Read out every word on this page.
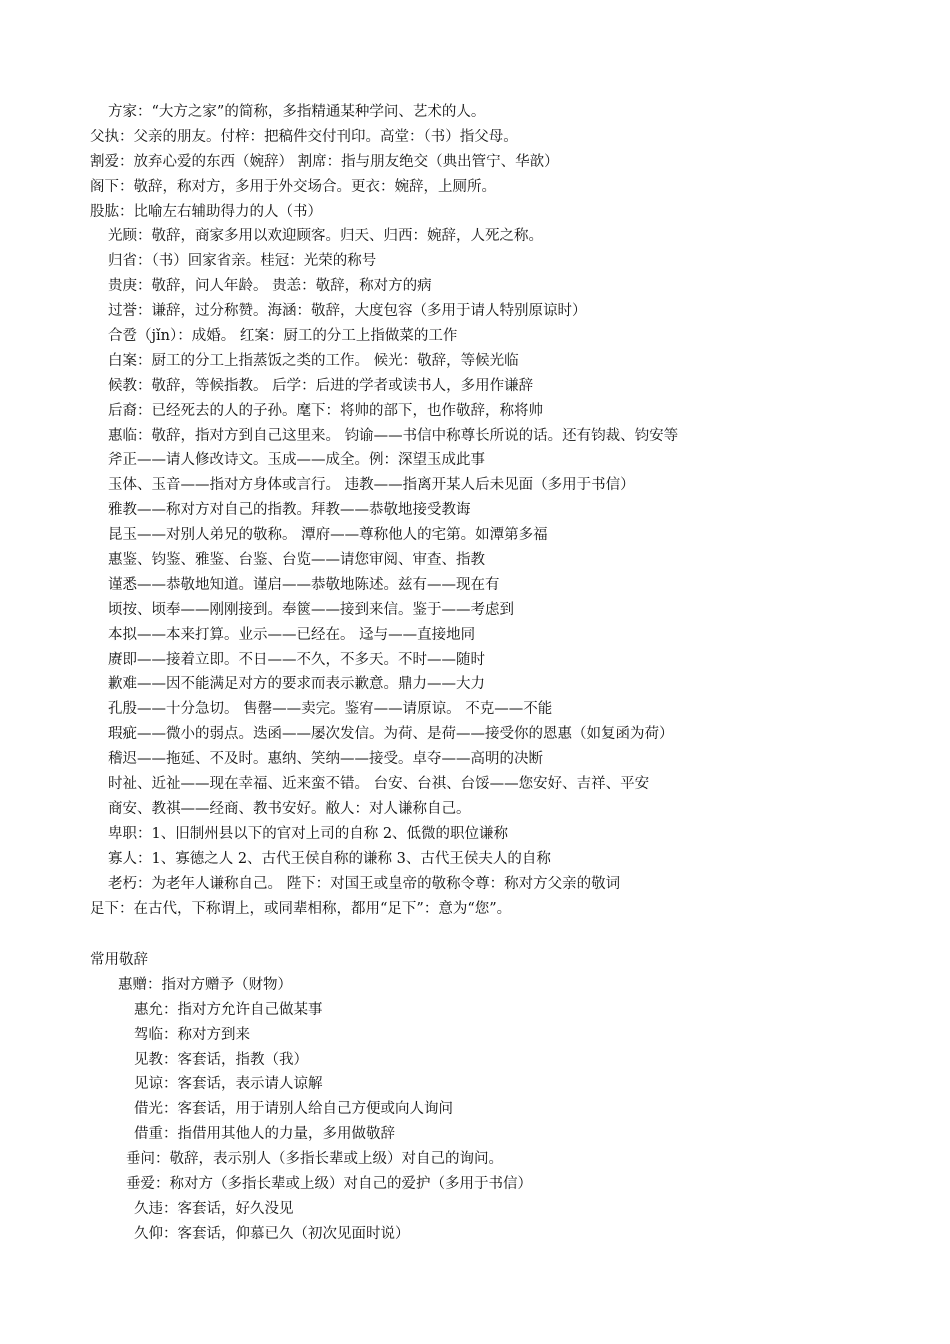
方家：“大方之家”的简称，多指精通某种学问、艺术的人。
父执：父亲的朋友。付梓：把稿件交付刊印。高堂：（书）指父母。
割爱：放弃心爱的东西（婉辞） 割席：指与朋友绝交（典出管宁、华歆）
阁下：敬辞，称对方，多用于外交场合。更衣：婉辞，上厕所。
股肱：比喻左右辅助得力的人（书）
光顾：敬辞，商家多用以欢迎顾客。归天、归西：婉辞，人死之称。
归省：（书）回家省亲。桂冠：光荣的称号
贵庚：敬辞，问人年龄。 贵恙：敬辞，称对方的病
过誉：谦辞，过分称赞。海涵：敬辞，大度包容（多用于请人特别原谅时）
合卺（jǐn）：成婚。 红案：厨工的分工上指做菜的工作
白案：厨工的分工上指蒸饭之类的工作。 候光：敬辞，等候光临
候教：敬辞，等候指教。 后学：后进的学者或读书人，多用作谦辞
后裔：已经死去的人的子孙。麾下：将帅的部下，也作敬辞，称将帅
惠临：敬辞，指对方到自己这里来。 钧谕——书信中称尊长所说的话。还有钧裁、钧安等
斧正——请人修改诗文。玉成——成全。例：深望玉成此事
玉体、玉音——指对方身体或言行。 违教——指离开某人后未见面（多用于书信）
雅教——称对方对自己的指教。拜教——恭敬地接受教诲
昆玉——对别人弟兄的敬称。 潭府——尊称他人的宅第。如潭第多福
惠鉴、钧鉴、雅鉴、台鉴、台览——请您审阅、审查、指教
谨悉——恭敬地知道。谨启——恭敬地陈述。兹有——现在有
顷按、顷奉——刚刚接到。奉篋——接到来信。鉴于——考虑到
本拟——本来打算。业示——已经在。 迳与——直接地同
赓即——接着立即。不日——不久，不多天。不时——随时
歉难——因不能满足对方的要求而表示歉意。鼎力——大力
孔殷——十分急切。 售罄——卖完。鉴宥——请原谅。 不克——不能
瑕疵——微小的弱点。迭函——屡次发信。为荷、是荷——接受你的恩惠（如复函为荷）
稽迟——拖延、不及时。惠纳、笑纳——接受。卓夺——高明的决断
时祉、近祉——现在幸福、近来蛮不错。 台安、台祺、台馁——您安好、吉祥、平安
商安、教祺——经商、教书安好。敝人：对人谦称自己。
卑职：1、旧制州县以下的官对上司的自称 2、低微的职位谦称
寡人：1、寡德之人 2、古代王侯自称的谦称 3、古代王侯夫人的自称
老朽：为老年人谦称自己。 陛下：对国王或皇帝的敬称令尊：称对方父亲的敬词
足下：在古代，下称谓上，或同辈相称，都用“足下”：意为“您”。
常用敬辞
惠赠：指对方赠予（财物）
惠允：指对方允许自己做某事
驾临：称对方到来
见教：客套话，指教（我）
见谅：客套话，表示请人谅解
借光：客套话，用于请别人给自己方便或向人询问
借重：指借用其他人的力量，多用做敬辞
垂问：敬辞，表示别人（多指长辈或上级）对自己的询问。
垂爱：称对方（多指长辈或上级）对自己的爱护（多用于书信）
久违：客套话，好久没见
久仰：客套话，仰慕已久（初次见面时说）
